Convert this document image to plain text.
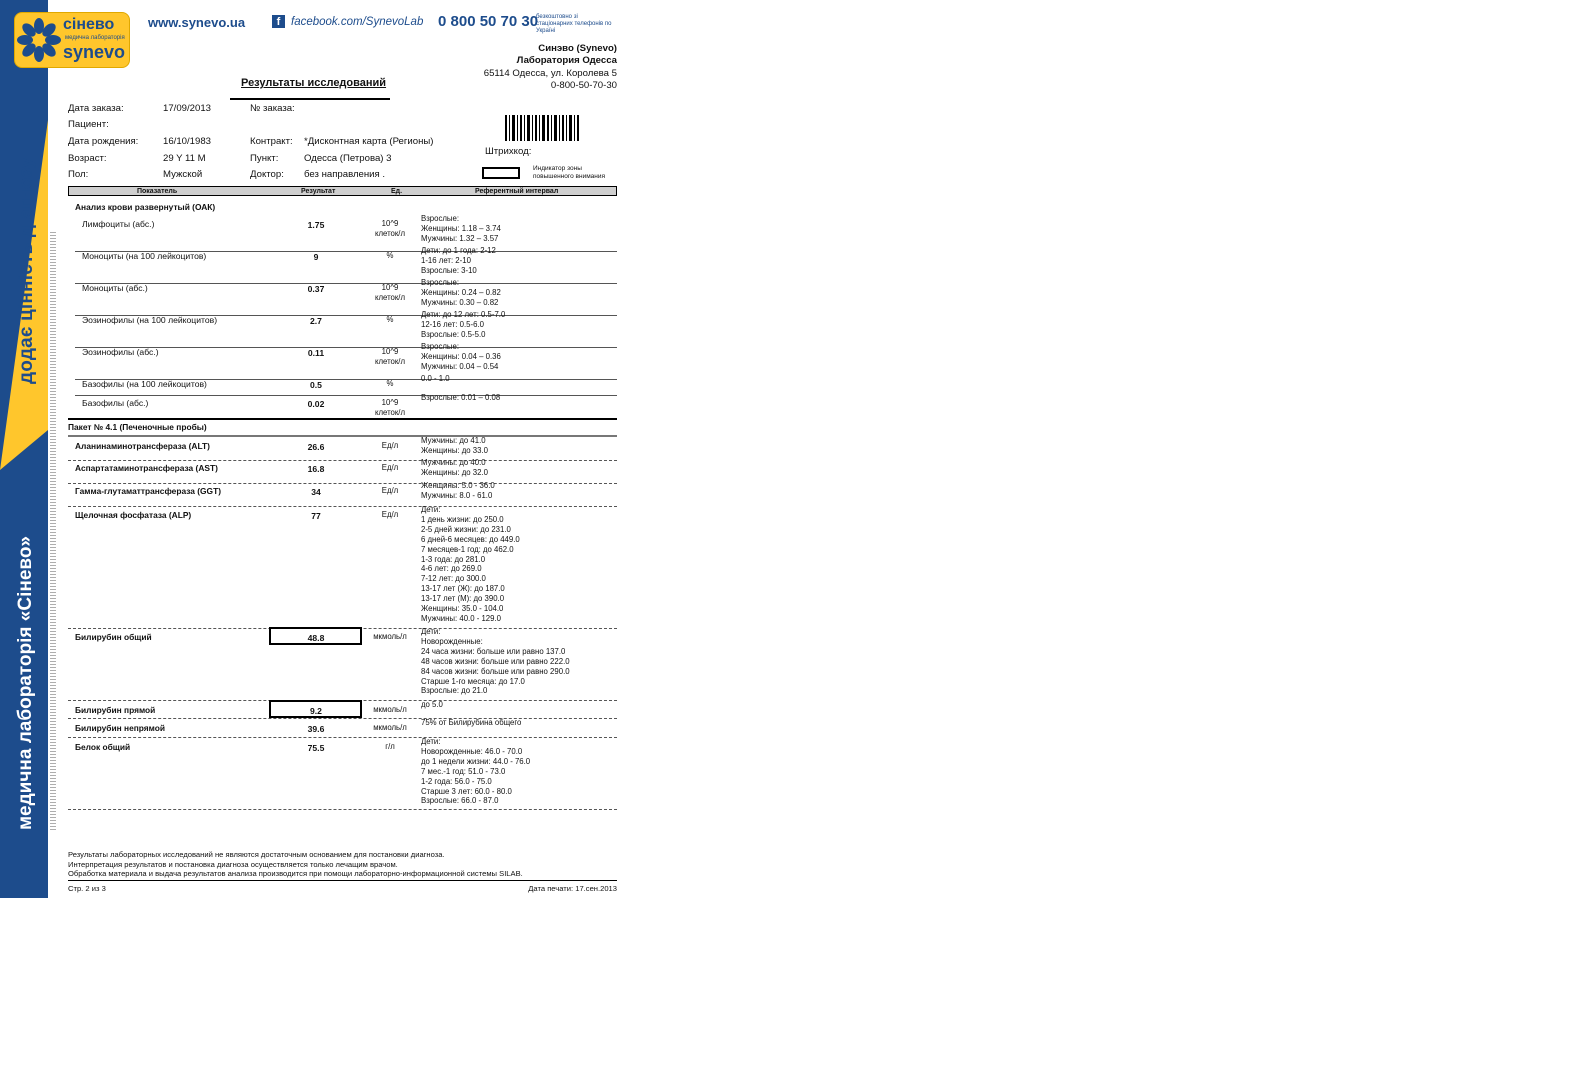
додає цінність діагнозу
медична лабораторія «Сінево»
сінево
медична лабораторія
synevo
www.synevo.ua	f facebook.com/SynevoLab 0 800 50 70 30
безкоштовно зі стаціонарних телефонів по Україні
Синэво (Synevo)
Лаборатория Одесса
65114 Одесса, ул. Королева 5
0-800-50-70-30
Результаты исследований
Дата заказа:	17/09/2013	№ заказа:
Пациент:
Дата рождения:	16/10/1983	Контракт: *Дисконтная карта (Регионы)
Возраст:	29 Y 11 M	Пункт:	Одесса (Петрова) 3
Пол:	Мужской	Доктор: без направления .
Штрихкод:
Индикатор зоны
повышенного внимания
Показатель	Результат	Ед.	Референтный интервал
Анализ крови развернутый (ОАК)
Пакет № 4.1 (Печеночные пробы)
Результаты лабораторных исследований не являются достаточным основанием для постановки диагноза.
Интерпретация результатов и постановка диагноза осуществляется только лечащим врачом.
Обработка материала и выдача результатов анализа производится при помощи лабораторно-информационной системы SILAB.
Стр. 2 из 3	Дата печати: 17.сен.2013
Лимфоциты (абс.)	1.75	10^9
клеток/л
Взрослые:
Женщины: 1.18 – 3.74
Мужчины: 1.32 – 3.57
Моноциты (на 100 лейкоцитов)	9	%
Дети: до 1 года: 2-12
1-16 лет: 2-10
Взрослые: 3-10
Моноциты (абс.)	0.37	10^9
клеток/л
Взрослые:
Женщины: 0.24 – 0.82
Мужчины: 0.30 – 0.82
Эозинофилы (на 100 лейкоцитов)	2.7	%
Дети: до 12 лет: 0.5-7.0
12-16 лет: 0.5-6.0
Взрослые: 0.5-5.0
Эозинофилы (абс.)	0.11	10^9
клеток/л
Взрослые:
Женщины: 0.04 – 0.36
Мужчины: 0.04 – 0.54
Базофилы (на 100 лейкоцитов)	0.5	%
0.0 - 1.0
Базофилы (абс.)	0.02	10^9
клеток/л
Взрослые: 0.01 – 0.08
Аланинаминотрансфераза (ALT)	26.6	Ед/л
Мужчины: до 41.0
Женщины: до 33.0
Аспартатаминотрансфераза (AST)	16.8	Ед/л
Мужчины: до 40.0
Женщины: до 32.0
Гамма-глутаматтрансфераза (GGT)	34	Ед/л
Женщины: 5.0 - 36.0
Мужчины: 8.0 - 61.0
Щелочная фосфатаза (ALP)	77	Ед/л
Дети:
1 день жизни: до 250.0
2-5 дней жизни: до 231.0
6 дней-6 месяцев: до 449.0
7 месяцев-1 год: до 462.0
1-3 года: до 281.0
4-6 лет: до 269.0
7-12 лет: до 300.0
13-17 лет (Ж): до 187.0
13-17 лет (М): до 390.0
Женщины: 35.0 - 104.0
Мужчины: 40.0 - 129.0
Билирубин общий	48.8	мкмоль/л
Дети:
Новорожденные:
24 часа жизни: больше или равно 137.0
48 часов жизни: больше или равно 222.0
84 часов жизни: больше или равно 290.0
Старше 1-го месяца: до 17.0
Взрослые: до 21.0
Билирубин прямой	9.2	мкмоль/л
до 5.0
Билирубин непрямой	39.6	мкмоль/л
75% от Билирубина общего
Белок общий	75.5	г/л
Дети:
Новорожденные: 46.0 - 70.0
до 1 недели жизни: 44.0 - 76.0
7 мес.-1 год: 51.0 - 73.0
1-2 года: 56.0 - 75.0
Старше 3 лет: 60.0 - 80.0
Взрослые: 66.0 - 87.0
